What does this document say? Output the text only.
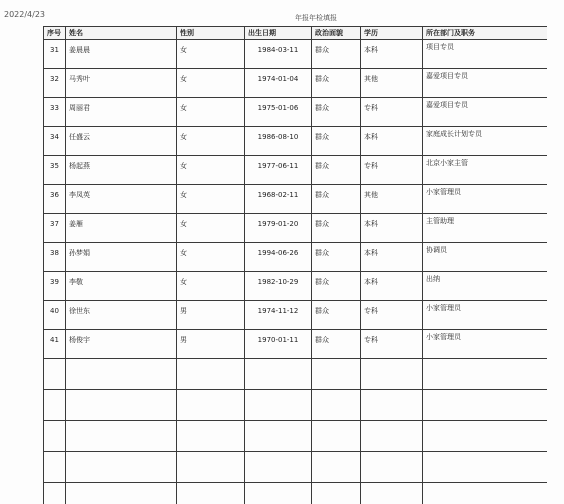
2022/4/23	年报年检填报
序号	姓名	性别	出生日期	政治面貌	学历	所在部门及职务
31	姜晨晨	女	1984-03-11	群众	本科	项目专员
32	马秀叶	女	1974-01-04	群众	其他	嘉爱项目专员
33	周丽君	女	1975-01-06	群众	专科	嘉爱项目专员
34	任盛云	女	1986-08-10	群众	本科	家庭成长计划专员
35	杨起燕	女	1977-06-11	群众	专科	北京小家主管
36	李凤英	女	1968-02-11	群众	其他	小家管理员
37	姜雁	女	1979-01-20	群众	本科	主管助理
38	孙梦娟	女	1994-06-26	群众	本科	协调员
39	李敬	女	1982-10-29	群众	本科	出纳
40	徐世东	男	1974-11-12	群众	专科	小家管理员
41	杨俊宇	男	1970-01-11	群众	专科	小家管理员
